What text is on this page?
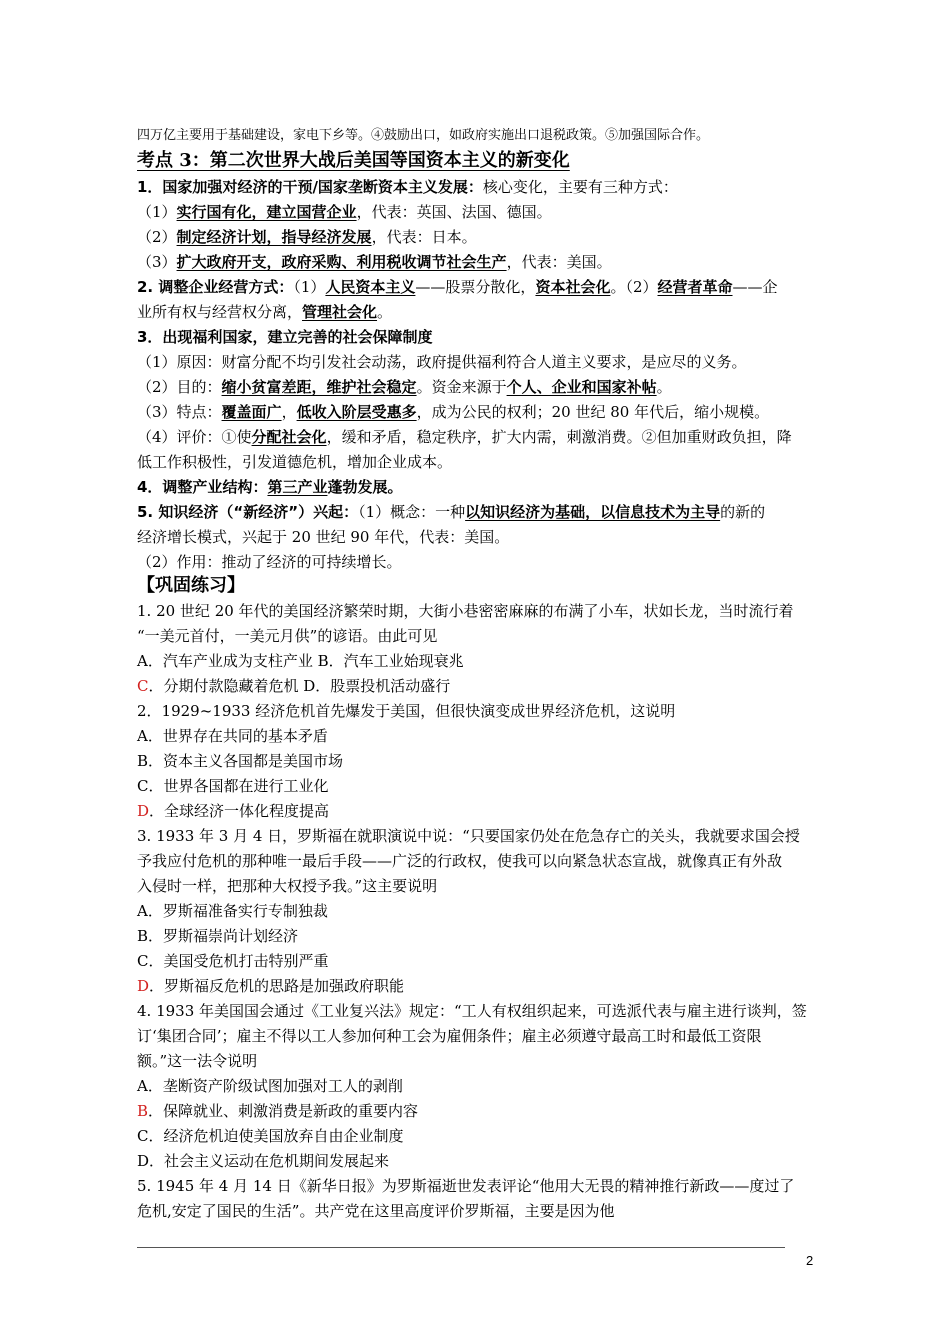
四万亿主要用于基础建设，家电下乡等。④鼓励出口，如政府实施出口退税政策。⑤加强国际合作。
考点 3：第二次世界大战后美国等国资本主义的新变化
1．国家加强对经济的干预/国家垄断资本主义发展：核心变化，主要有三种方式：
（1）实行国有化，建立国营企业，代表：英国、法国、德国。
（2）制定经济计划，指导经济发展，代表：日本。
（3）扩大政府开支，政府采购、利用税收调节社会生产，代表：美国。
2. 调整企业经营方式：（1）人民资本主义——股票分散化，资本社会化。（2）经营者革命——企
业所有权与经营权分离，管理社会化。
3．出现福利国家，建立完善的社会保障制度
（1）原因：财富分配不均引发社会动荡，政府提供福利符合人道主义要求，是应尽的义务。
（2）目的：缩小贫富差距，维护社会稳定。资金来源于个人、企业和国家补帖。
（3）特点：覆盖面广，低收入阶层受惠多，成为公民的权利；20 世纪 80 年代后，缩小规模。
（4）评价：①使分配社会化，缓和矛盾，稳定秩序，扩大内需，刺激消费。②但加重财政负担，降
低工作积极性，引发道德危机，增加企业成本。
4．调整产业结构：第三产业蓬勃发展。
5. 知识经济（“新经济”）兴起：（1）概念：一种以知识经济为基础，以信息技术为主导的新的
经济增长模式，兴起于 20 世纪 90 年代，代表：美国。
（2）作用：推动了经济的可持续增长。
【巩固练习】
1. 20 世纪 20 年代的美国经济繁荣时期，大街小巷密密麻麻的布满了小车，状如长龙，当时流行着
“一美元首付，一美元月供”的谚语。由此可见
A．汽车产业成为支柱产业 B．汽车工业始现衰兆
C．分期付款隐藏着危机 D．股票投机活动盛行
2．1929~1933 经济危机首先爆发于美国，但很快演变成世界经济危机，这说明
A．世界存在共同的基本矛盾
B．资本主义各国都是美国市场
C．世界各国都在进行工业化
D．全球经济一体化程度提高
3. 1933 年 3 月 4 日，罗斯福在就职演说中说：“只要国家仍处在危急存亡的关头，我就要求国会授
予我应付危机的那种唯一最后手段——广泛的行政权，使我可以向紧急状态宣战，就像真正有外敌
入侵时一样，把那种大权授予我。”这主要说明
A．罗斯福准备实行专制独裁
B．罗斯福崇尚计划经济
C．美国受危机打击特别严重
D．罗斯福反危机的思路是加强政府职能
4. 1933 年美国国会通过《工业复兴法》规定：“工人有权组织起来，可选派代表与雇主进行谈判，签
订‘集团合同’；雇主不得以工人参加何种工会为雇佣条件；雇主必须遵守最高工时和最低工资限
额。”这一法令说明
A．垄断资产阶级试图加强对工人的剥削
B．保障就业、刺激消费是新政的重要内容
C．经济危机迫使美国放弃自由企业制度
D．社会主义运动在危机期间发展起来
5. 1945 年 4 月 14 日《新华日报》为罗斯福逝世发表评论“他用大无畏的精神推行新政——度过了
危机,安定了国民的生活”。共产党在这里高度评价罗斯福，主要是因为他
2
